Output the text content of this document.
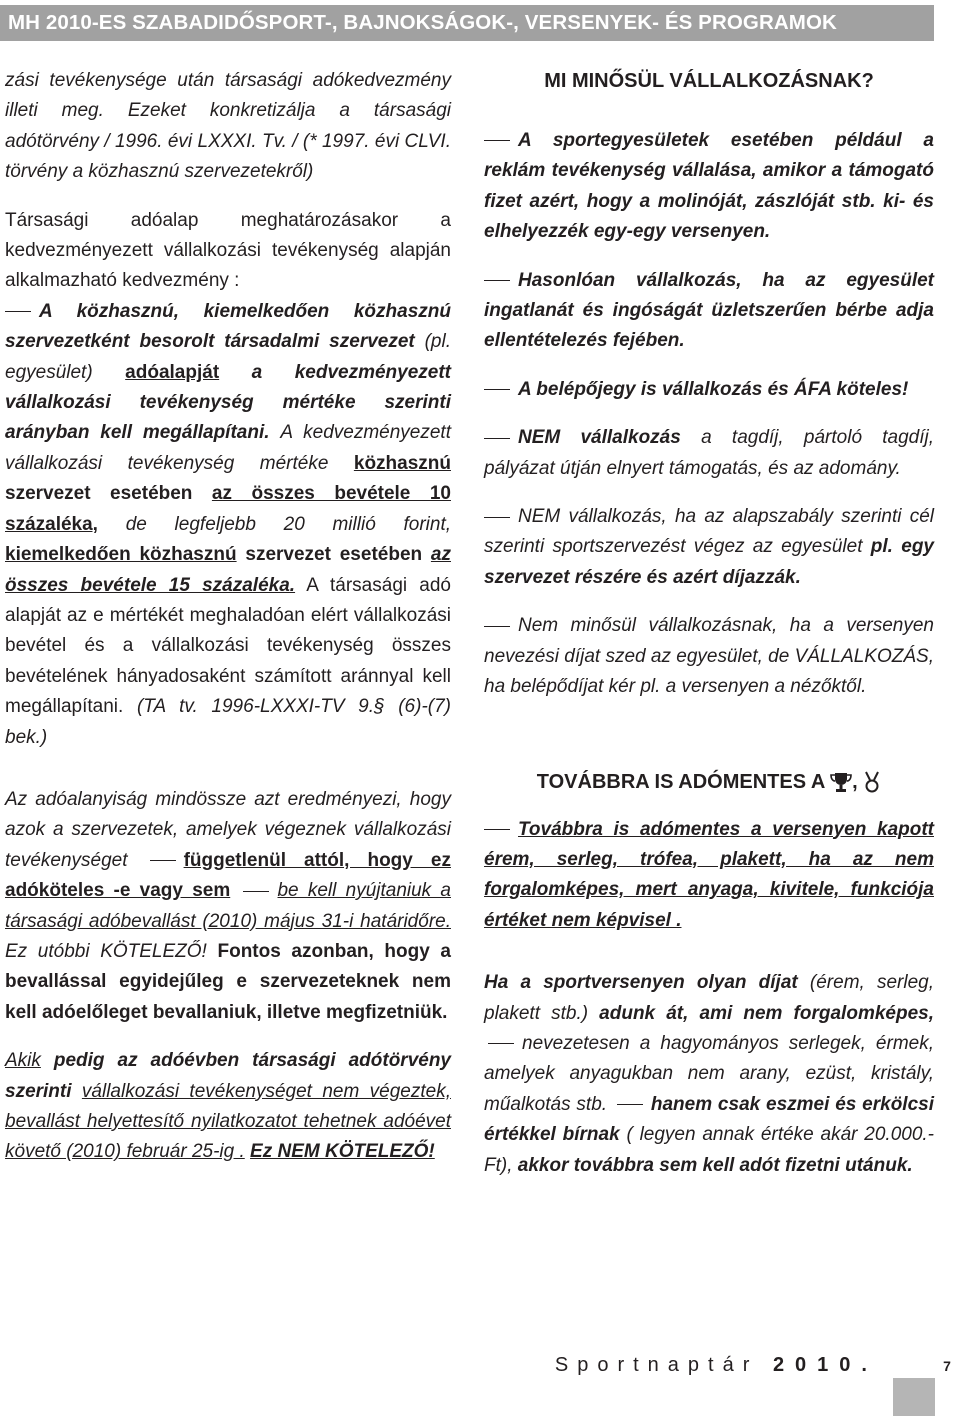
MH 2010-ES SZABADIDŐSPORT-, BAJNOKSÁGOK-, VERSENYEK- ÉS PROGRAMOK

zási tevékenysége után társasági adókedvezmény illeti meg. Ezeket konkretizálja a társasági adótörvény / 1996. évi LXXXI. Tv. / (* 1997. évi CLVI. törvény a közhasznú szervezetekről)

Társasági adóalap meghatározásakor a kedvezményezett vállalkozási tevékenység alapján alkalmazható kedvezmény :
A közhasznú, kiemelkedően közhasznú szervezetként besorolt társadalmi szervezet (pl. egyesület) adóalapját a kedvezményezett vállalkozási tevékenység mértéke szerinti arányban kell megállapítani. A kedvezményezett vállalkozási tevékenység mértéke közhasznú szervezet esetében az összes bevétele 10 százaléka, de legfeljebb 20 millió forint, kiemelkedően közhasznú szervezet esetében az összes bevétele 15 százaléka. A társasági adó alapját az e mértékét meghaladóan elért vállalkozási bevétel és a vállalkozási tevékenység összes bevételének hányadosaként számított aránnyal kell megállapítani. (TA tv. 1996-LXXXI-TV 9.§ (6)-(7) bek.)

Az adóalanyiság mindössze azt eredményezi, hogy azok a szervezetek, amelyek végeznek vállalkozási tevékenységet	függetlenül attól, hogy ez adóköteles -e vagy sem be kell nyújtaniuk a társasági adóbevallást (2010) május 31-i határidőre. Ez utóbbi KÖTELEZŐ! Fontos azonban, hogy a bevallással egyidejűleg e szervezeteknek nem kell adóelőleget bevallaniuk, illetve megfizetniük.

Akik pedig az adóévben társasági adótörvény szerinti vállalkozási tevékenységet nem végeztek, bevallást helyettesítő nyilatkozatot tehetnek adóévet követő (2010) február 25-ig . Ez NEM KÖTELEZŐ!

MI MINŐSÜL VÁLLALKOZÁSNAK?

A sportegyesületek esetében például a reklám tevékenység vállalása, amikor a támogató fizet azért, hogy a molinóját, zászlóját stb. ki- és elhelyezzék egy-egy versenyen.

Hasonlóan vállalkozás, ha az egyesület ingatlanát és ingóságát üzletszerűen bérbe adja ellentételezés fejében.

A belépőjegy is vállalkozás és ÁFA köteles!

NEM vállalkozás a tagdíj, pártoló tagdíj, pályázat útján elnyert támogatás, és az adomány.

NEM vállalkozás, ha az alapszabály szerinti cél szerinti sportszervezést végez az egyesület pl. egy szervezet részére és azért díjazzák.

Nem minősül vállalkozásnak, ha a versenyen nevezési díjat szed az egyesület, de VÁLLALKOZÁS, ha belépődíjat kér pl. a versenyen a nézőktől.

TOVÁBBRA IS ADÓMENTES A ,

Továbbra is adómentes a versenyen kapott érem, serleg, trófea, plakett, ha az nem forgalomképes, mert anyaga, kivitele, funkciója értéket nem képvisel .

Ha a sportversenyen olyan díjat (érem, serleg, plakett stb.) adunk át, ami nem forgalomképes, nevezetesen a hagyományos serlegek, érmek, amelyek anyagukban nem arany, ezüst, kristály, műalkotás stb. hanem csak eszmei és erkölcsi értékkel bírnak ( legyen annak értéke akár 20.000.-Ft), akkor továbbra sem kell adót fizetni utánuk.

Sportnaptár 2010.	7
